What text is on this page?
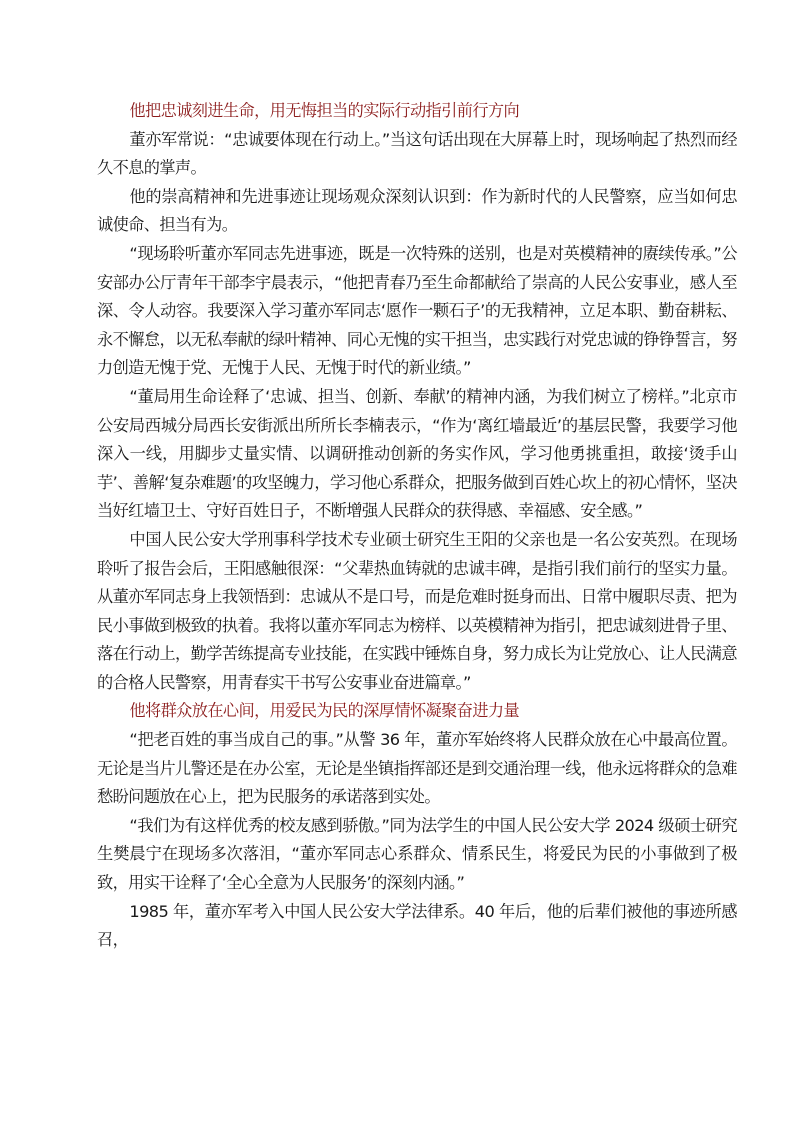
他把忠诚刻进生命，用无悔担当的实际行动指引前行方向

董亦军常说：“忠诚要体现在行动上。”当这句话出现在大屏幕上时，现场响起了热烈而经久不息的掌声。

他的崇高精神和先进事迹让现场观众深刻认识到：作为新时代的人民警察，应当如何忠诚使命、担当有为。

“现场聆听董亦军同志先进事迹，既是一次特殊的送别，也是对英模精神的赓续传承。”公安部办公厅青年干部李宇晨表示，“他把青春乃至生命都献给了崇高的人民公安事业，感人至深、令人动容。我要深入学习董亦军同志‘愿作一颗石子’的无我精神，立足本职、勤奋耕耘、永不懈怠，以无私奉献的绿叶精神、同心无愧的实干担当，忠实践行对党忠诚的铮铮誓言，努力创造无愧于党、无愧于人民、无愧于时代的新业绩。”

“董局用生命诠释了‘忠诚、担当、创新、奉献’的精神内涵，为我们树立了榜样。”北京市公安局西城分局西长安街派出所所长李楠表示，“作为‘离红墙最近’的基层民警，我要学习他深入一线，用脚步丈量实情、以调研推动创新的务实作风，学习他勇挑重担，敢接‘烫手山芋’、善解‘复杂难题’的攻坚魄力，学习他心系群众，把服务做到百姓心坎上的初心情怀，坚决当好红墙卫士、守好百姓日子，不断增强人民群众的获得感、幸福感、安全感。”

中国人民公安大学刑事科学技术专业硕士研究生王阳的父亲也是一名公安英烈。在现场聆听了报告会后，王阳感触很深：“父辈热血铸就的忠诚丰碑，是指引我们前行的坚实力量。从董亦军同志身上我领悟到：忠诚从不是口号，而是危难时挺身而出、日常中履职尽责、把为民小事做到极致的执着。我将以董亦军同志为榜样、以英模精神为指引，把忠诚刻进骨子里、落在行动上，勤学苦练提高专业技能，在实践中锤炼自身，努力成长为让党放心、让人民满意的合格人民警察，用青春实干书写公安事业奋进篇章。”

他将群众放在心间，用爱民为民的深厚情怀凝聚奋进力量

“把老百姓的事当成自己的事。”从警 36 年，董亦军始终将人民群众放在心中最高位置。无论是当片儿警还是在办公室，无论是坐镇指挥部还是到交通治理一线，他永远将群众的急难愁盼问题放在心上，把为民服务的承诺落到实处。

“我们为有这样优秀的校友感到骄傲。”同为法学生的中国人民公安大学 2024 级硕士研究生樊晨宁在现场多次落泪，“董亦军同志心系群众、情系民生，将爱民为民的小事做到了极致，用实干诠释了‘全心全意为人民服务’的深刻内涵。”

1985 年，董亦军考入中国人民公安大学法律系。40 年后，他的后辈们被他的事迹所感召，
